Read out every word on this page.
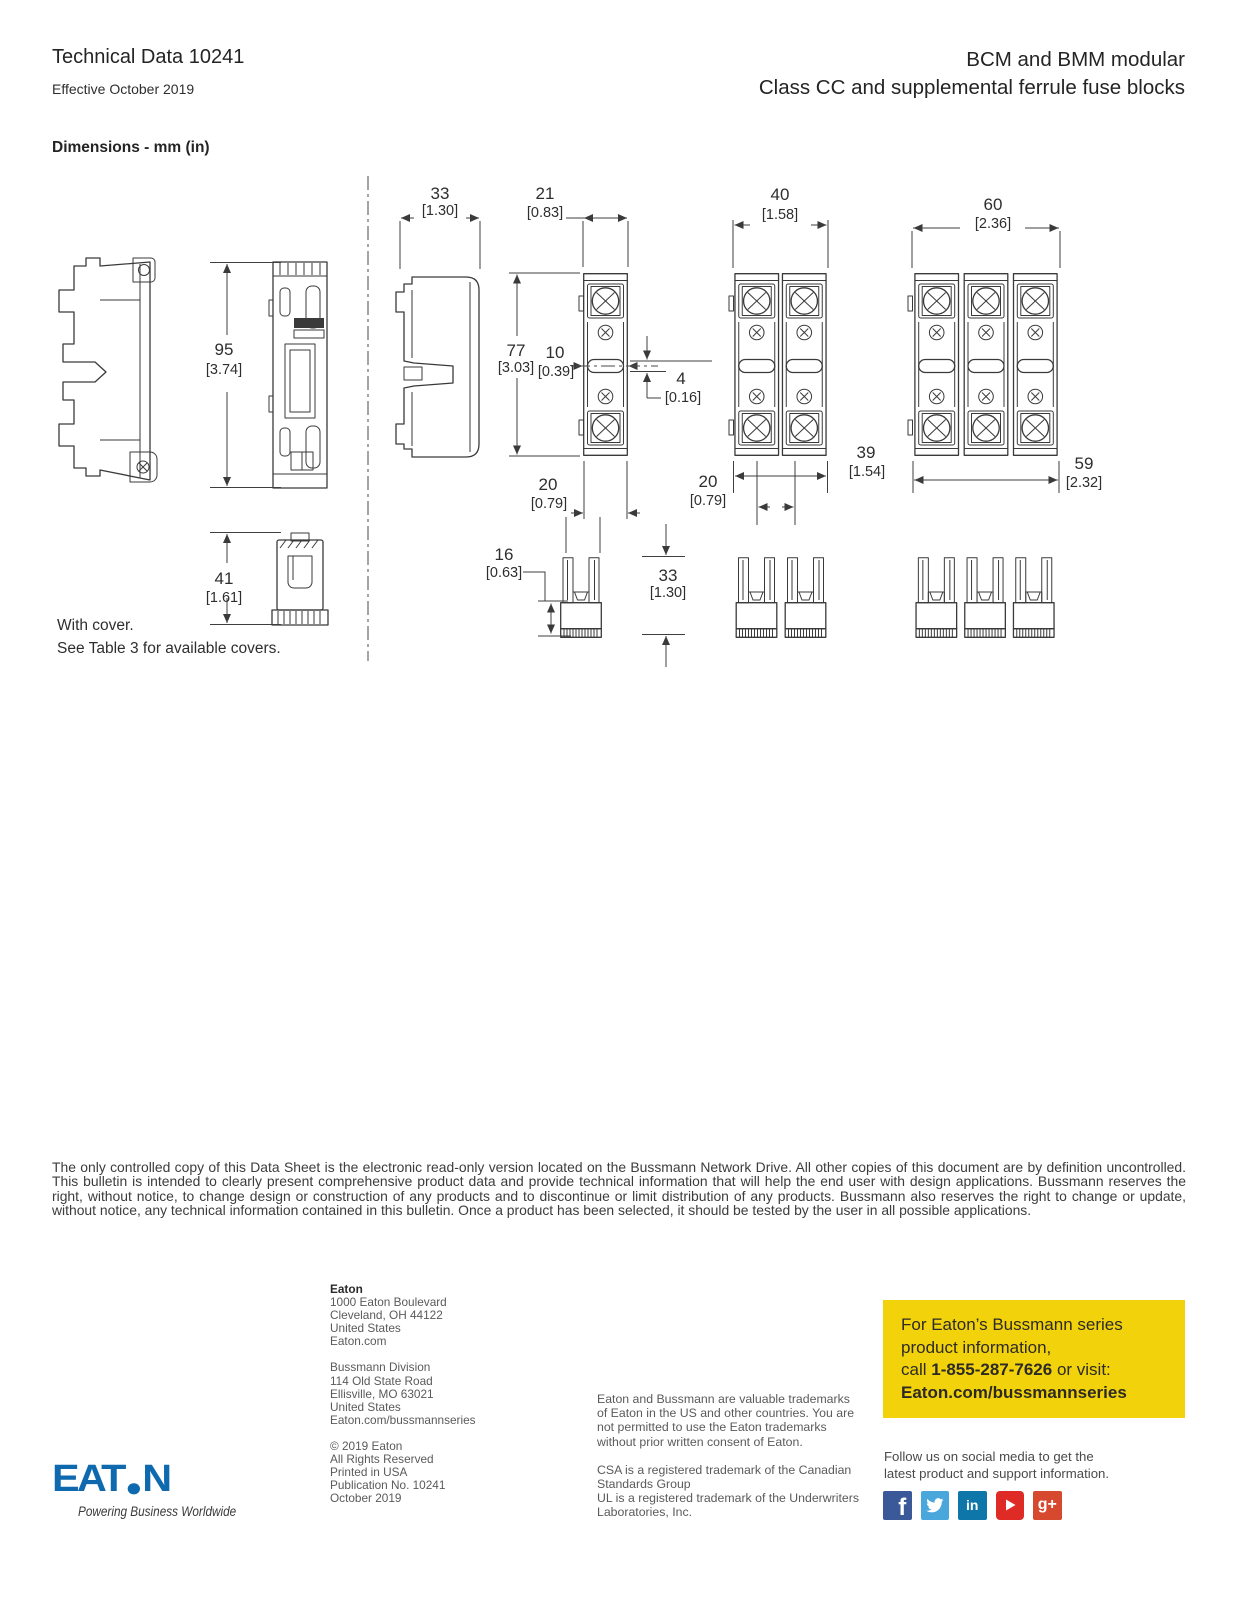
Technical Data 10241
Effective October 2019
BCM and BMM modular
Class CC and supplemental ferrule fuse blocks
Dimensions - mm (in)
95
[3.74]
41
[1.61]
33
[1.30]
21
[0.83]
77
[3.03]
10
[0.39]	4
[0.16]
20
[0.79]
16
[0.63]	33
[1.30]
40
[1.58]
39
[1.54]
20
[0.79]
60
[2.36]
59
[2.32]
With cover.
See Table 3 for available covers.
The only controlled copy of this Data Sheet is the electronic read-only version located on the Bussmann Network Drive. All other copies of this document are by definition uncontrolled. This bulletin is intended to clearly present comprehensive product data and provide technical information that will help the end user with design applications. Bussmann reserves the right, without notice, to change design or construction of any products and to discontinue or limit distribution of any products. Bussmann also reserves the right to change or update, without notice, any technical information contained in this bulletin. Once a product has been selected, it should be tested by the user in all possible applications.
Eaton
1000 Eaton Boulevard
Cleveland, OH 44122
United States
Eaton.com
Bussmann Division
114 Old State Road
Ellisville, MO 63021
United States
Eaton.com/bussmannseries
© 2019 Eaton
All Rights Reserved
Printed in USA
Publication No. 10241
October 2019
Eaton and Bussmann are valuable trademarks of Eaton in the US and other countries. You are not permitted to use the Eaton trademarks without prior written consent of Eaton.
CSA is a registered trademark of the Canadian Standards Group
UL is a registered trademark of the Underwriters Laboratories, Inc.
For Eaton’s Bussmann series
product information,
call 1-855-287-7626 or visit:
Eaton.com/bussmannseries
Follow us on social media to get the
latest product and support information.
f	in	g+
EAT N
Powering Business Worldwide
